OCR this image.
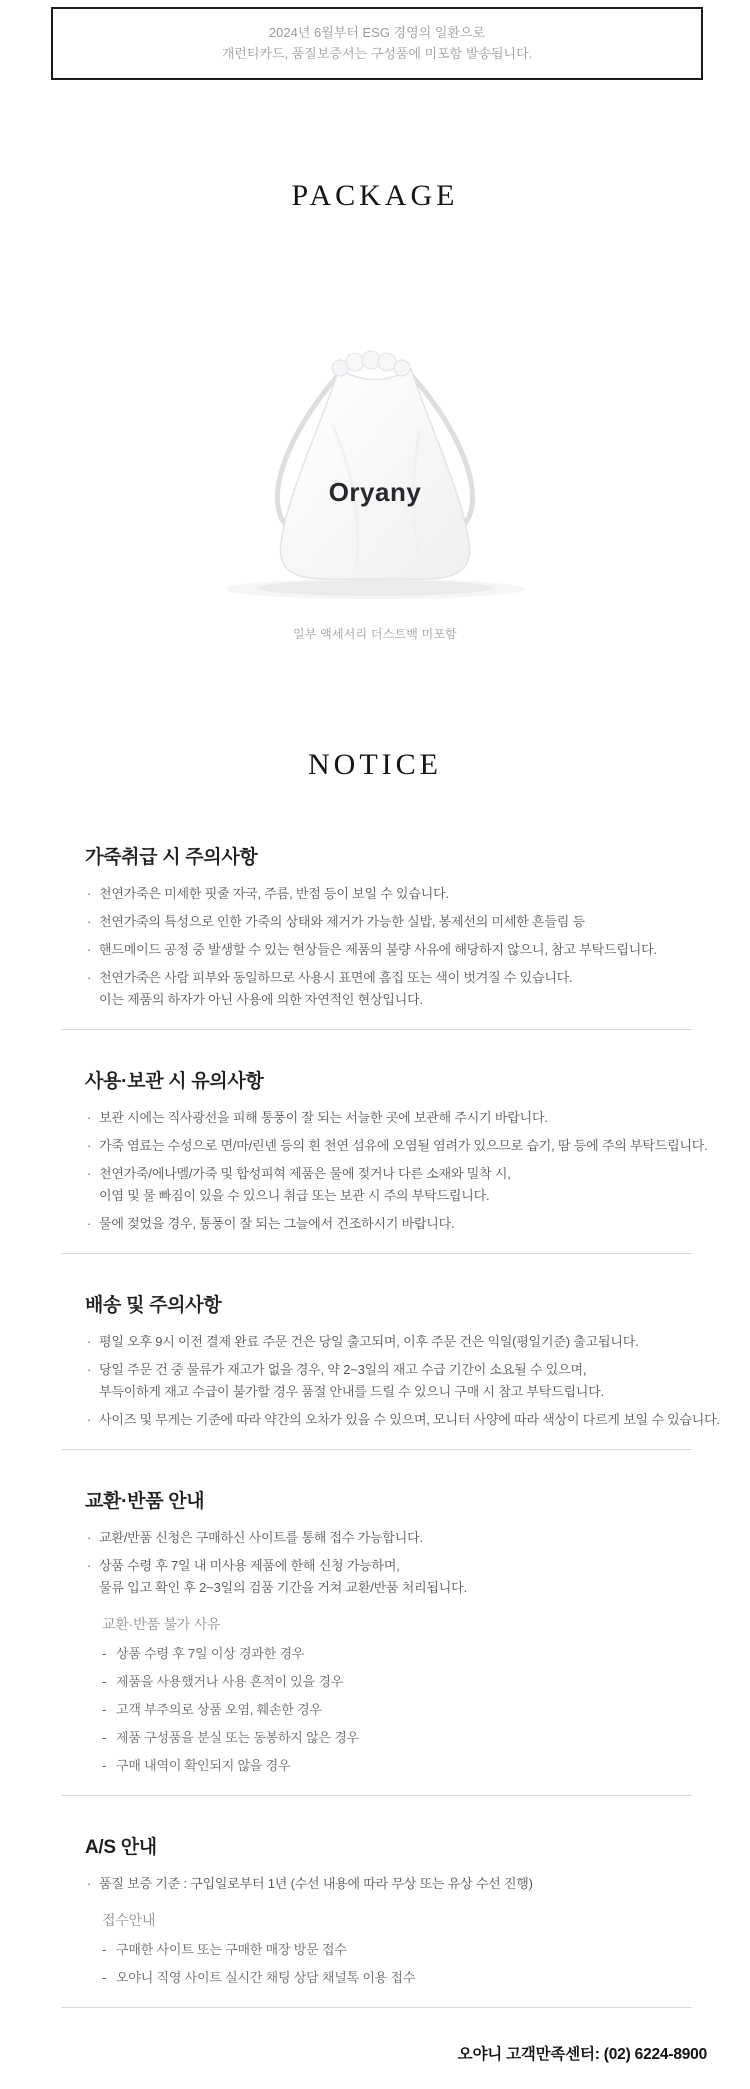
2024년 6월부터 ESG 경영의 일환으로
개런티카드, 품질보증서는 구성품에 미포함 발송됩니다.
PACKAGE
Oryany
일부 액세서리 더스트백 미포함
NOTICE
가죽취급 시 주의사항
· 천연가죽은 미세한 핏줄 자국, 주름, 반점 등이 보일 수 있습니다.
· 천연가죽의 특성으로 인한 가죽의 상태와 제거가 가능한 실밥, 봉제선의 미세한 흔들림 등
· 핸드메이드 공정 중 발생할 수 있는 현상들은 제품의 불량 사유에 해당하지 않으니, 참고 부탁드립니다.
· 천연가죽은 사람 피부와 동일하므로 사용시 표면에 흠집 또는 색이 벗겨질 수 있습니다.
이는 제품의 하자가 아닌 사용에 의한 자연적인 현상입니다.
사용·보관 시 유의사항
· 보관 시에는 직사광선을 피해 통풍이 잘 되는 서늘한 곳에 보관해 주시기 바랍니다.
· 가죽 염료는 수성으로 면/마/린넨 등의 흰 천연 섬유에 오염될 염려가 있으므로 습기, 땀 등에 주의 부탁드립니다.
· 천연가죽/에나멜/가죽 및 합성피혁 제품은 물에 젖거나 다른 소재와 밀착 시,
이염 및 물 빠짐이 있을 수 있으니 취급 또는 보관 시 주의 부탁드립니다.
· 물에 젖었을 경우, 통풍이 잘 되는 그늘에서 건조하시기 바랍니다.
배송 및 주의사항
· 평일 오후 9시 이전 결제 완료 주문 건은 당일 출고되며, 이후 주문 건은 익일(평일기준) 출고됩니다.
· 당일 주문 건 중 물류가 재고가 없을 경우, 약 2~3일의 재고 수급 기간이 소요될 수 있으며,
부득이하게 재고 수급이 불가할 경우 품절 안내를 드릴 수 있으니 구매 시 참고 부탁드립니다.
· 사이즈 및 무게는 기준에 따라 약간의 오차가 있을 수 있으며, 모니터 사양에 따라 색상이 다르게 보일 수 있습니다.
교환·반품 안내
· 교환/반품 신청은 구매하신 사이트를 통해 접수 가능합니다.
· 상품 수령 후 7일 내 미사용 제품에 한해 신청 가능하며,
물류 입고 확인 후 2~3일의 검품 기간을 거쳐 교환/반품 처리됩니다.
교환·반품 불가 사유
- 상품 수령 후 7일 이상 경과한 경우
- 제품을 사용했거나 사용 흔적이 있을 경우
- 고객 부주의로 상품 오염, 훼손한 경우
- 제품 구성품을 분실 또는 동봉하지 않은 경우
- 구매 내역이 확인되지 않을 경우
A/S 안내
· 품질 보증 기준 : 구입일로부터 1년 (수선 내용에 따라 무상 또는 유상 수선 진행)
접수안내
- 구매한 사이트 또는 구매한 매장 방문 접수
- 오야니 직영 사이트 실시간 채팅 상담 채널톡 이용 접수
오야니 고객만족센터: (02) 6224-8900
